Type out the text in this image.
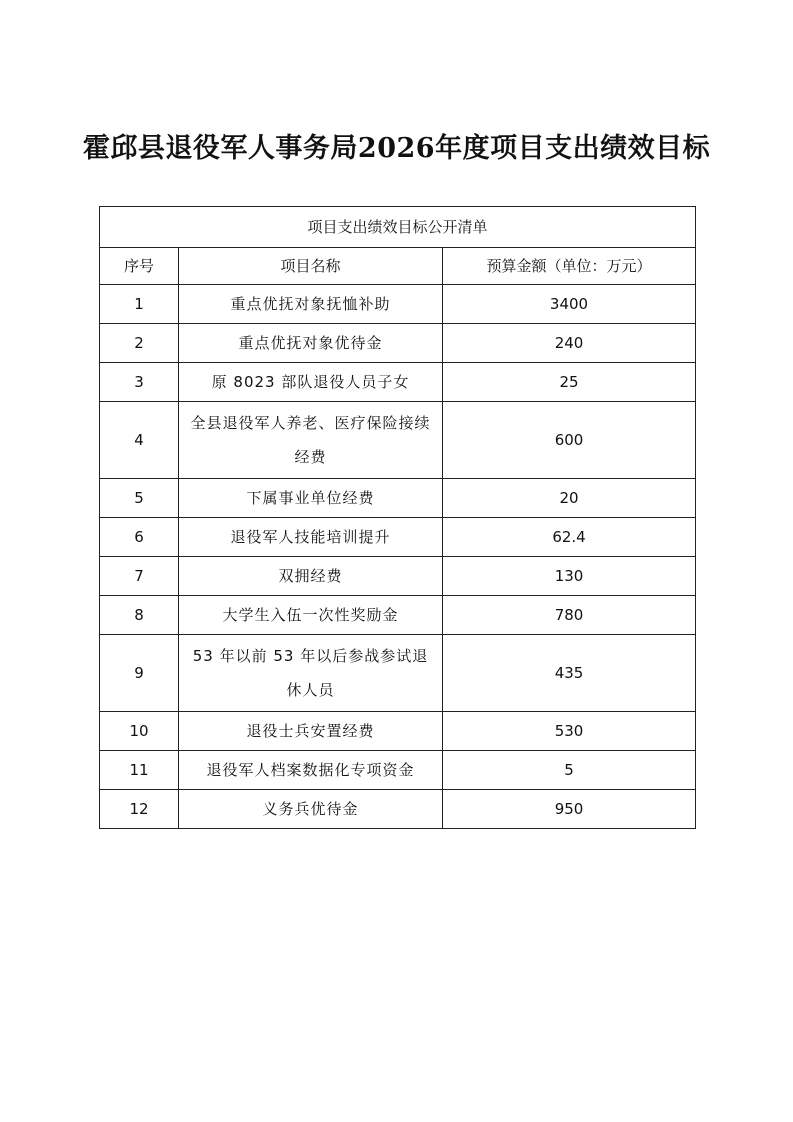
霍邱县退役军人事务局2026年度项目支出绩效目标
项目支出绩效目标公开清单		
序号	项目名称	预算金额（单位：万元）
1	重点优抚对象抚恤补助	3400
2	重点优抚对象优待金	240
3	原 8023 部队退役人员子女	25
4	全县退役军人养老、医疗保险接续经费	600
5	下属事业单位经费	20
6	退役军人技能培训提升	62.4
7	双拥经费	130
8	大学生入伍一次性奖励金	780
9	53 年以前 53 年以后参战参试退休人员	435
10	退役士兵安置经费	530
11	退役军人档案数据化专项资金	5
12	义务兵优待金	950
